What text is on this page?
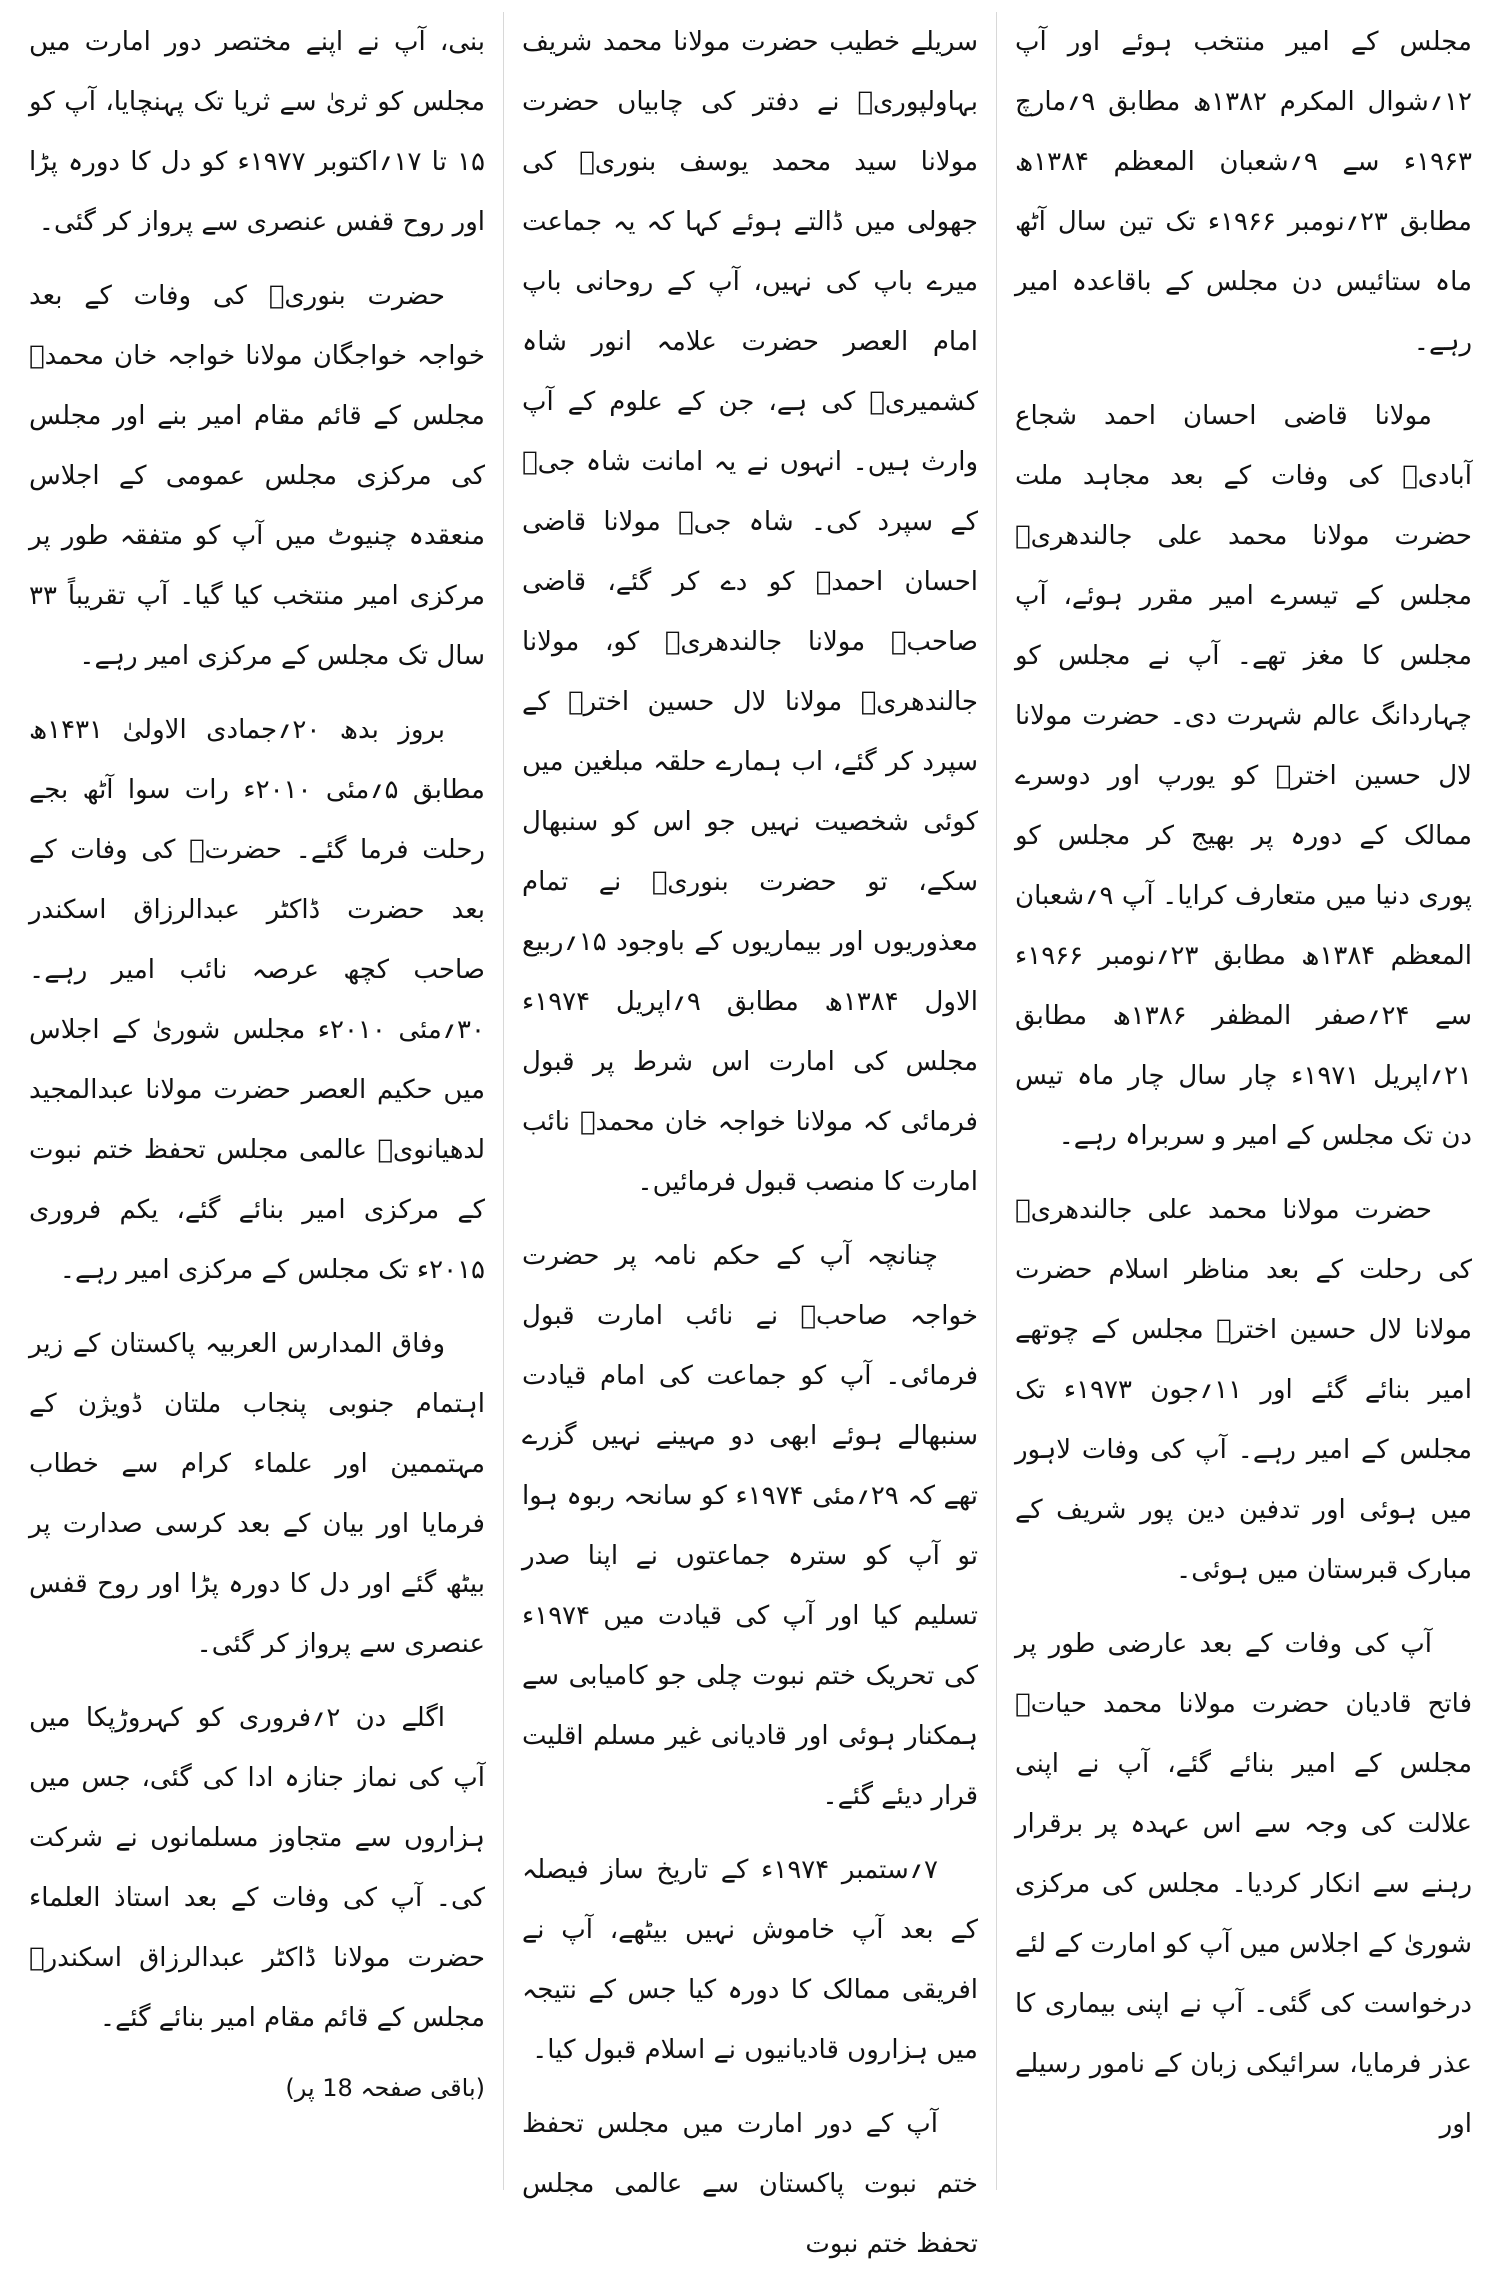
مجلس کے امیر منتخب ہوئے اور آپ ۱۲؍شوال المکرم ۱۳۸۲ھ مطابق ۹؍مارچ ۱۹۶۳ء سے ۹؍شعبان المعظم ۱۳۸۴ھ مطابق ۲۳؍نومبر ۱۹۶۶ء تک تین سال آٹھ ماہ ستائیس دن مجلس کے باقاعدہ امیر رہے۔

مولانا قاضی احسان احمد شجاع آبادیؒ کی وفات کے بعد مجاہد ملت حضرت مولانا محمد علی جالندھریؒ مجلس کے تیسرے امیر مقرر ہوئے، آپ مجلس کا مغز تھے۔ آپ نے مجلس کو چہاردانگ عالم شہرت دی۔ حضرت مولانا لال حسین اخترؒ کو یورپ اور دوسرے ممالک کے دورہ پر بھیج کر مجلس کو پوری دنیا میں متعارف کرایا۔ آپ ۹؍شعبان المعظم ۱۳۸۴ھ مطابق ۲۳؍نومبر ۱۹۶۶ء سے ۲۴؍صفر المظفر ۱۳۸۶ھ مطابق ۲۱؍اپریل ۱۹۷۱ء چار سال چار ماہ تیس دن تک مجلس کے امیر و سربراہ رہے۔

حضرت مولانا محمد علی جالندھریؒ کی رحلت کے بعد مناظر اسلام حضرت مولانا لال حسین اخترؒ مجلس کے چوتھے امیر بنائے گئے اور ۱۱؍جون ۱۹۷۳ء تک مجلس کے امیر رہے۔ آپ کی وفات لاہور میں ہوئی اور تدفین دین پور شریف کے مبارک قبرستان میں ہوئی۔

آپ کی وفات کے بعد عارضی طور پر فاتح قادیان حضرت مولانا محمد حیاتؒ مجلس کے امیر بنائے گئے، آپ نے اپنی علالت کی وجہ سے اس عہدہ پر برقرار رہنے سے انکار کردیا۔ مجلس کی مرکزی شوریٰ کے اجلاس میں آپ کو امارت کے لئے درخواست کی گئی۔ آپ نے اپنی بیماری کا عذر فرمایا، سرائیکی زبان کے نامور رسیلے اور

سریلے خطیب حضرت مولانا محمد شریف بہاولپوریؒ نے دفتر کی چابیاں حضرت مولانا سید محمد یوسف بنوریؒ کی جھولی میں ڈالتے ہوئے کہا کہ یہ جماعت میرے باپ کی نہیں، آپ کے روحانی باپ امام العصر حضرت علامہ انور شاہ کشمیریؒ کی ہے، جن کے علوم کے آپ وارث ہیں۔ انہوں نے یہ امانت شاہ جیؒ کے سپرد کی۔ شاہ جیؒ مولانا قاضی احسان احمدؒ کو دے کر گئے، قاضی صاحبؒ مولانا جالندھریؒ کو، مولانا جالندھریؒ مولانا لال حسین اخترؒ کے سپرد کر گئے، اب ہمارے حلقہ مبلغین میں کوئی شخصیت نہیں جو اس کو سنبھال سکے، تو حضرت بنوریؒ نے تمام معذوریوں اور بیماریوں کے باوجود ۱۵؍ربیع الاول ۱۳۸۴ھ مطابق ۹؍اپریل ۱۹۷۴ء مجلس کی امارت اس شرط پر قبول فرمائی کہ مولانا خواجہ خان محمدؒ نائب امارت کا منصب قبول فرمائیں۔

چنانچہ آپ کے حکم نامہ پر حضرت خواجہ صاحبؒ نے نائب امارت قبول فرمائی۔ آپ کو جماعت کی امام قیادت سنبھالے ہوئے ابھی دو مہینے نہیں گزرے تھے کہ ۲۹؍مئی ۱۹۷۴ء کو سانحہ ربوہ ہوا تو آپ کو سترہ جماعتوں نے اپنا صدر تسلیم کیا اور آپ کی قیادت میں ۱۹۷۴ء کی تحریک ختم نبوت چلی جو کامیابی سے ہمکنار ہوئی اور قادیانی غیر مسلم اقلیت قرار دیئے گئے۔

۷؍ستمبر ۱۹۷۴ء کے تاریخ ساز فیصلہ کے بعد آپ خاموش نہیں بیٹھے، آپ نے افریقی ممالک کا دورہ کیا جس کے نتیجہ میں ہزاروں قادیانیوں نے اسلام قبول کیا۔

آپ کے دور امارت میں مجلس تحفظ ختم نبوت پاکستان سے عالمی مجلس تحفظ ختم نبوت

بنی، آپ نے اپنے مختصر دور امارت میں مجلس کو ثریٰ سے ثریا تک پہنچایا، آپ کو ۱۵ تا ۱۷؍اکتوبر ۱۹۷۷ء کو دل کا دورہ پڑا اور روح قفس عنصری سے پرواز کر گئی۔

حضرت بنوریؒ کی وفات کے بعد خواجہ خواجگان مولانا خواجہ خان محمدؒ مجلس کے قائم مقام امیر بنے اور مجلس کی مرکزی مجلس عمومی کے اجلاس منعقدہ چنیوٹ میں آپ کو متفقہ طور پر مرکزی امیر منتخب کیا گیا۔ آپ تقریباً ۳۳ سال تک مجلس کے مرکزی امیر رہے۔

بروز بدھ ۲۰؍جمادی الاولیٰ ۱۴۳۱ھ مطابق ۵؍مئی ۲۰۱۰ء رات سوا آٹھ بجے رحلت فرما گئے۔ حضرتؒ کی وفات کے بعد حضرت ڈاکٹر عبدالرزاق اسکندر صاحب کچھ عرصہ نائب امیر رہے۔ ۳۰؍مئی ۲۰۱۰ء مجلس شوریٰ کے اجلاس میں حکیم العصر حضرت مولانا عبدالمجید لدھیانویؒ عالمی مجلس تحفظ ختم نبوت کے مرکزی امیر بنائے گئے، یکم فروری ۲۰۱۵ء تک مجلس کے مرکزی امیر رہے۔

وفاق المدارس العربیہ پاکستان کے زیر اہتمام جنوبی پنجاب ملتان ڈویژن کے مہتممین اور علماء کرام سے خطاب فرمایا اور بیان کے بعد کرسی صدارت پر بیٹھ گئے اور دل کا دورہ پڑا اور روح قفس عنصری سے پرواز کر گئی۔

اگلے دن ۲؍فروری کو کہروڑپکا میں آپ کی نماز جنازہ ادا کی گئی، جس میں ہزاروں سے متجاوز مسلمانوں نے شرکت کی۔ آپ کی وفات کے بعد استاذ العلماء حضرت مولانا ڈاکٹر عبدالرزاق اسکندرؒ مجلس کے قائم مقام امیر بنائے گئے۔

(باقی صفحہ 18 پر)
